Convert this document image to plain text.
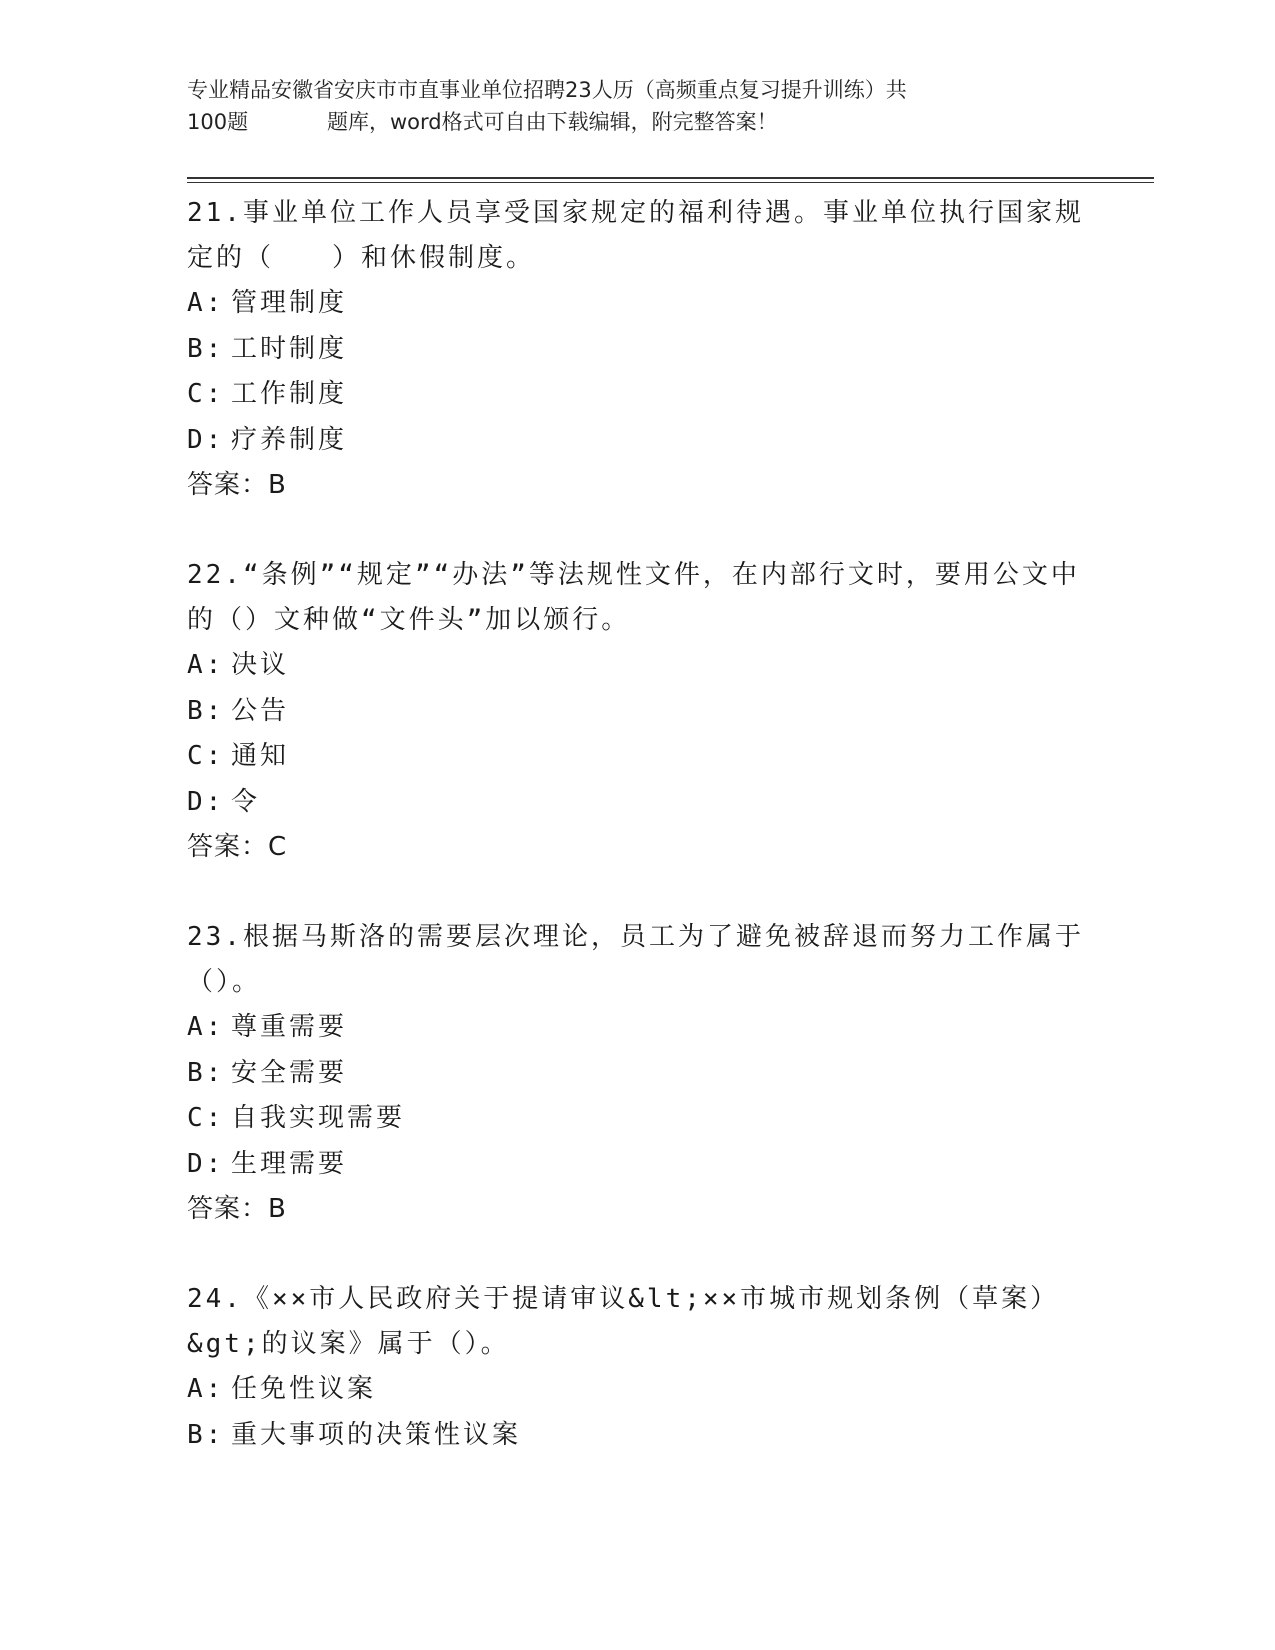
专业精品安徽省安庆市市直事业单位招聘23人历（高频重点复习提升训练）共
100题	题库，word格式可自由下载编辑，附完整答案！

21.事业单位工作人员享受国家规定的福利待遇。事业单位执行国家规定的（　　）和休假制度。

A: 管理制度
B: 工时制度
C: 工作制度
D: 疗养制度
答案：B

22.“条例”“规定”“办法”等法规性文件，在内部行文时，要用公文中的（）文种做“文件头”加以颁行。

A: 决议
B: 公告
C: 通知
D: 令
答案：C

23.根据马斯洛的需要层次理论，员工为了避免被辞退而努力工作属于（）。

A: 尊重需要
B: 安全需要
C: 自我实现需要
D: 生理需要
答案：B

24.《××市人民政府关于提请审议&lt;××市城市规划条例（草案）&gt;的议案》属于（）。

A: 任免性议案
B: 重大事项的决策性议案
